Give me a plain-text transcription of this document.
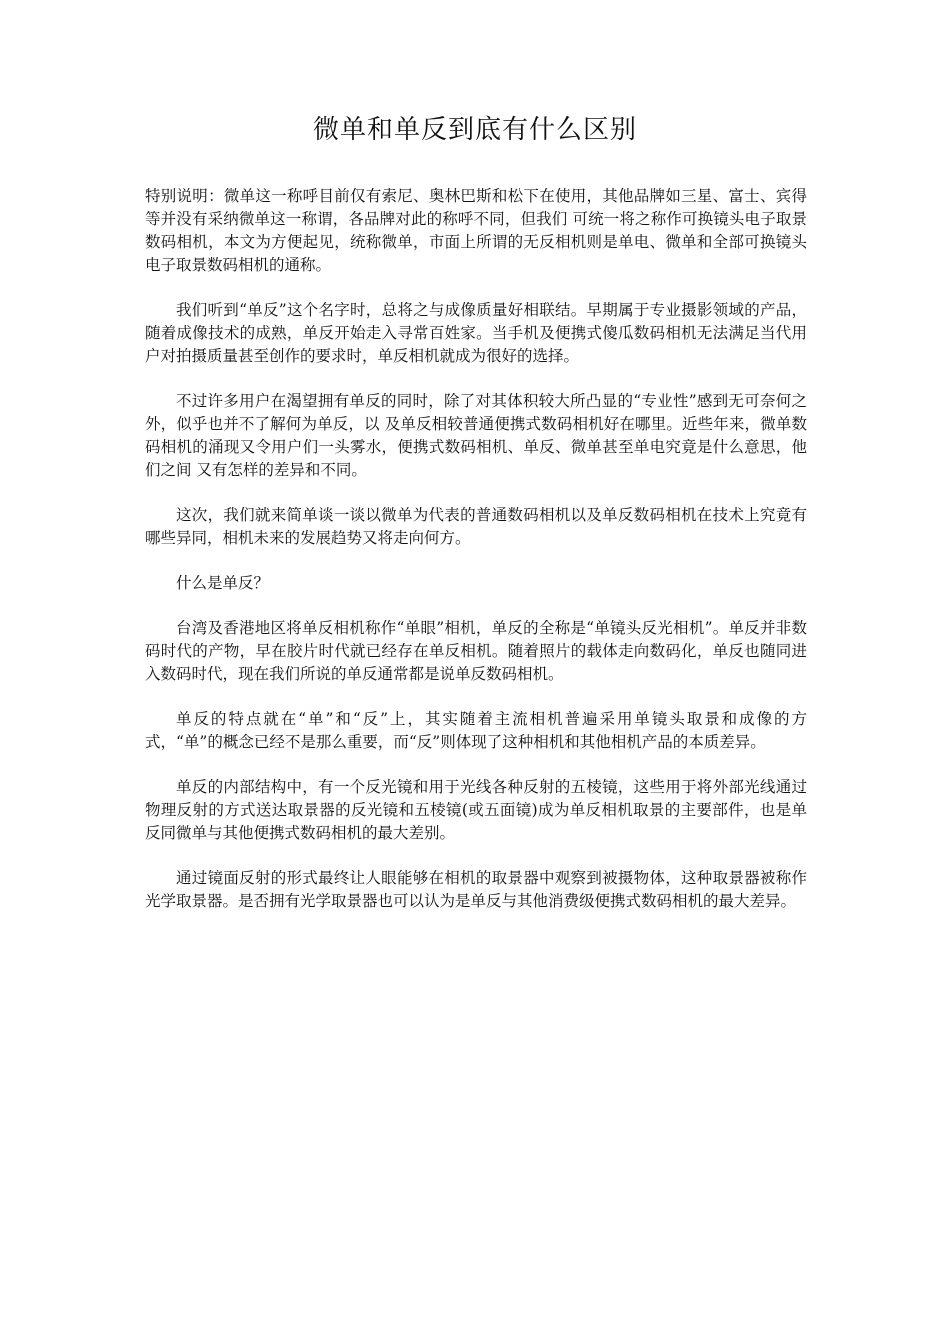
微单和单反到底有什么区别

特别说明：微单这一称呼目前仅有索尼、奥林巴斯和松下在使用，其他品牌如三星、富士、宾得等并没有采纳微单这一称谓，各品牌对此的称呼不同，但我们 可统一将之称作可换镜头电子取景数码相机，本文为方便起见，统称微单，市面上所谓的无反相机则是单电、微单和全部可换镜头电子取景数码相机的通称。

我们听到“单反”这个名字时，总将之与成像质量好相联结。早期属于专业摄影领域的产品，随着成像技术的成熟，单反开始走入寻常百姓家。当手机及便携式傻瓜数码相机无法满足当代用户对拍摄质量甚至创作的要求时，单反相机就成为很好的选择。

不过许多用户在渴望拥有单反的同时，除了对其体积较大所凸显的“专业性”感到无可奈何之外，似乎也并不了解何为单反，以 及单反相较普通便携式数码相机好在哪里。近些年来，微单数码相机的涌现又令用户们一头雾水，便携式数码相机、单反、微单甚至单电究竟是什么意思，他们之间 又有怎样的差异和不同。

这次，我们就来简单谈一谈以微单为代表的普通数码相机以及单反数码相机在技术上究竟有哪些异同，相机未来的发展趋势又将走向何方。

什么是单反？

台湾及香港地区将单反相机称作“单眼”相机，单反的全称是“单镜头反光相机”。单反并非数码时代的产物，早在胶片时代就已经存在单反相机。随着照片的载体走向数码化，单反也随同进入数码时代，现在我们所说的单反通常都是说单反数码相机。

单反的特点就在“单”和“反”上，其实随着主流相机普遍采用单镜头取景和成像的方式，“单”的概念已经不是那么重要，而“反”则体现了这种相机和其他相机产品的本质差异。

单反的内部结构中，有一个反光镜和用于光线各种反射的五棱镜，这些用于将外部光线通过物理反射的方式送达取景器的反光镜和五棱镜(或五面镜)成为单反相机取景的主要部件，也是单反同微单与其他便携式数码相机的最大差别。

通过镜面反射的形式最终让人眼能够在相机的取景器中观察到被摄物体，这种取景器被称作光学取景器。是否拥有光学取景器也可以认为是单反与其他消费级便携式数码相机的最大差异。
